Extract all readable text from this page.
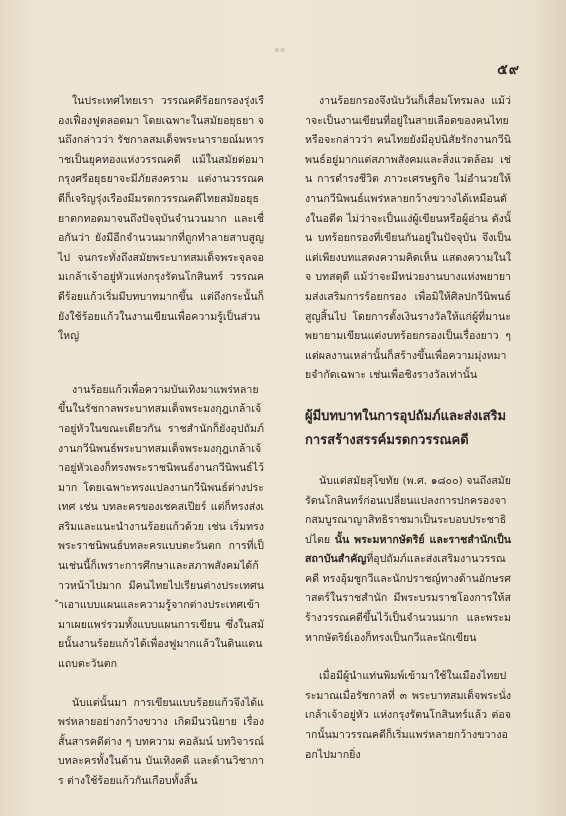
๑๑
๕๙

ในประเทศไทยเรา วรรณคดีร้อยกรองรุ่งเรืองเฟื่องฟูตลอดมา โดยเฉพาะในสมัยอยุธยา จนถึงกล่าวว่า รัชกาลสมเด็จพระนารายณ์มหาราชเป็นยุคทองแห่งวรรณคดี แม้ในสมัยต่อมา กรุงศรีอยุธยาจะมีภัยสงคราม แต่งานวรรณคดีก็เจริญรุ่งเรืองมีมรดกวรรณคดีไทยสมัยอยุธยาตกทอดมาจนถึงปัจจุบันจำนวนมาก และเชื่อกันว่า ยังมีอีกจำนวนมากที่ถูกทำลายสาบสูญไป จนกระทั่งถึงสมัยพระบาทสมเด็จพระจุลจอมเกล้าเจ้าอยู่หัวแห่งกรุงรัตนโกสินทร์ วรรณคดีร้อยแก้วเริ่มมีบทบาทมากขึ้น แต่ถึงกระนั้นก็ยังใช้ร้อยแก้วในงานเขียนเพื่อความรู้เป็นส่วนใหญ่

งานร้อยแก้วเพื่อความบันเทิงมาแพร่หลายขึ้นในรัชกาลพระบาทสมเด็จพระมงกุฎเกล้าเจ้าอยู่หัวในขณะเดียวกัน ราชสำนักก็ยังอุปถัมภ์งานกวีนิพนธ์พระบาทสมเด็จพระมงกุฎเกล้าเจ้าอยู่หัวเองก็ทรงพระราชนิพนธ์งานกวีนิพนธ์ไว้มาก โดยเฉพาะทรงแปลงานกวีนิพนธ์ต่างประเทศ เช่น บทละครของเชคสเปียร์ แต่ก็ทรงส่งเสริมและแนะนำงานร้อยแก้วด้วย เช่น เริ่มทรงพระราชนิพนธ์บทละครแบบตะวันตก การที่เป็นเช่นนี้ก็เพราะการศึกษาและสภาพสังคมได้ก้าวหน้าไปมาก มีคนไทยไปเรียนต่างประเทศนำเอาแบบแผนและความรู้จากต่างประเทศเข้ามาเผยแพร่รวมทั้งแบบแผนการเขียน ซึ่งในสมัยนั้นงานร้อยแก้วได้เพื่องฟูมากแล้วในดินแดนแถบตะวันตก

นับแต่นั้นมา การเขียนแบบร้อยแก้วจึงได้แพร่หลายอย่างกว้างขวาง เกิดมีนวนิยาย เรื่องสั้นสารคดีต่าง ๆ บทความ คอลัมน์ บทวิจารณ์ บทละครทั้งในด้าน บันเทิงคดี และด้านวิชาการ ต่างใช้ร้อยแก้วกันเกือบทั้งสิ้น

งานร้อยกรองจึงนับวันก็เสื่อมโทรมลง แม้ว่าจะเป็นงานเขียนที่อยู่ในสายเลือดของคนไทย หรือจะกล่าวว่า คนไทยยังมีอุปนิสัยรักงานกวีนิพนธ์อยู่มากแต่สภาพสังคมและสิ่งแวดล้อม เช่น การดำรงชีวิต ภาวะเศรษฐกิจ ไม่อำนวยให้งานกวีนิพนธ์แพร่หลายกว้างขวางได้เหมือนดังในอดีต ไม่ว่าจะเป็นแง่ผู้เขียนหรือผู้อ่าน ดังนั้น บทร้อยกรองที่เขียนกันอยู่ในปัจจุบัน จึงเป็นแต่เพียงบทแสดงความคิดเห็น แสดงความในใจ บทสดุดี แม้ว่าจะมีหน่วยงานบางแห่งพยายามส่งเสริมการร้อยกรอง เพื่อมิให้ศิลปกวีนิพนธ์สูญสิ้นไป โดยการตั้งเงินรางวัลให้แก่ผู้ที่มานะพยายามเขียนแต่งบทร้อยกรองเป็นเรื่องยาว ๆ แต่ผลงานเหล่านั้นก็สร้างขึ้นเพื่อความมุ่งหมายจำกัดเฉพาะ เช่นเพื่อชิงรางวัลเท่านั้น

ผู้มีบทบาทในการอุปถัมภ์และส่งเสริมการสร้างสรรค์มรดกวรรณคดี

นับแต่สมัยสุโขทัย (พ.ศ. ๑๘๐๐) จนถึงสมัยรัตนโกสินทร์ก่อนเปลี่ยนแปลงการปกครองจากสมบูรณาญาสิทธิราชมาเป็นระบอบประชาธิปไตย นั้น พระมหากษัตริย์ และราชสำนักเป็นสถาบันสำคัญที่อุปถัมภ์และส่งเสริมงานวรรณคดี ทรงอุ้มชูกวีและนักปราชญ์ทางด้านอักษรศาสตร์ในราชสำนัก มีพระบรมราชโองการให้สร้างวรรณคดีขึ้นไว้เป็นจำนวนมาก และพระมหากษัตริย์เองก็ทรงเป็นกวีและนักเขียน

เมื่อมีผู้นำแท่นพิมพ์เข้ามาใช้ในเมืองไทยประมาณเมื่อรัชกาลที่ ๓ พระบาทสมเด็จพระนั่งเกล้าเจ้าอยู่หัว แห่งกรุงรัตนโกสินทร์แล้ว ต่อจากนั้นมาวรรณคดีก็เริ่มแพร่หลายกว้างขวางออกไปมากยิ่ง
